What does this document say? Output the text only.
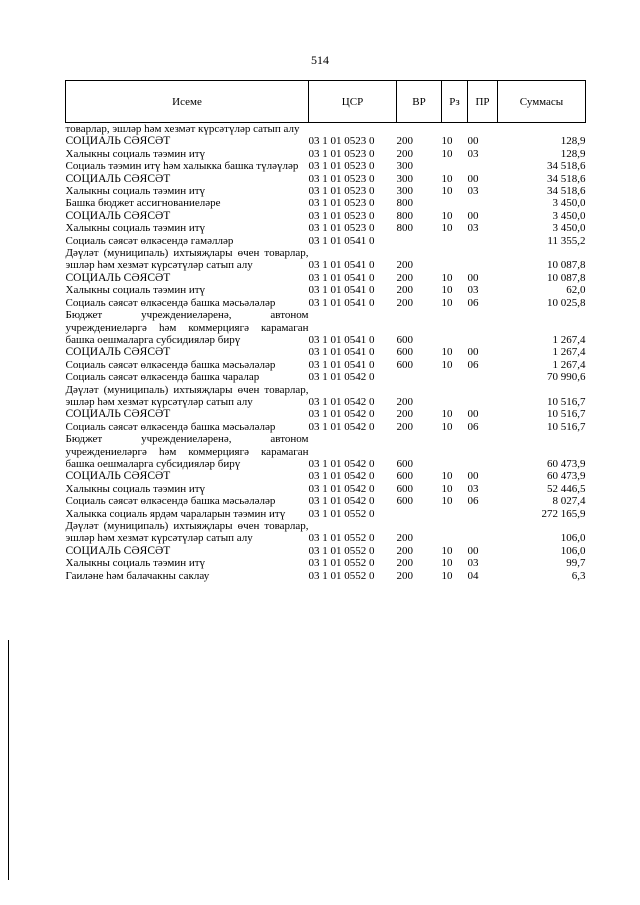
514
Исеме	ЦСР	ВР	Рз	ПР	Суммасы
товарлар, эшләр һәм хезмәт күрсәтүләр сатып алу					
СОЦИАЛЬ СӘЯСӘТ	03 1 01 0523 0	200	10	00	128,9
Халыкны социаль тәэмин итү	03 1 01 0523 0	200	10	03	128,9
Социаль тәэмин итү һәм халыкка башка түләүләр	03 1 01 0523 0	300			34 518,6
СОЦИАЛЬ СӘЯСӘТ	03 1 01 0523 0	300	10	00	34 518,6
Халыкны социаль тәэмин итү	03 1 01 0523 0	300	10	03	34 518,6
Башка бюджет ассигнованиеләре	03 1 01 0523 0	800			3 450,0
СОЦИАЛЬ СӘЯСӘТ	03 1 01 0523 0	800	10	00	3 450,0
Халыкны социаль тәэмин итү	03 1 01 0523 0	800	10	03	3 450,0
Социаль сәясәт өлкәсендә гамәлләр	03 1 01 0541 0				11 355,2
Дәүләт (муниципаль) ихтыяҗлары өчен товарлар, эшләр һәм хезмәт күрсәтүләр сатып алу	03 1 01 0541 0	200			10 087,8
СОЦИАЛЬ СӘЯСӘТ	03 1 01 0541 0	200	10	00	10 087,8
Халыкны социаль тәэмин итү	03 1 01 0541 0	200	10	03	62,0
Социаль сәясәт өлкәсендә башка мәсьәләләр	03 1 01 0541 0	200	10	06	10 025,8
Бюджет учреждениеләренә, автоном учреждениеләргә һәм коммерциягә карамаган башка оешмаларга субсидияләр бирү	03 1 01 0541 0	600			1 267,4
СОЦИАЛЬ СӘЯСӘТ	03 1 01 0541 0	600	10	00	1 267,4
Социаль сәясәт өлкәсендә башка мәсьәләләр	03 1 01 0541 0	600	10	06	1 267,4
Социаль сәясәт өлкәсендә башка чаралар	03 1 01 0542 0				70 990,6
Дәүләт (муниципаль) ихтыяҗлары өчен товарлар, эшләр һәм хезмәт күрсәтүләр сатып алу	03 1 01 0542 0	200			10 516,7
СОЦИАЛЬ СӘЯСӘТ	03 1 01 0542 0	200	10	00	10 516,7
Социаль сәясәт өлкәсендә башка мәсьәләләр	03 1 01 0542 0	200	10	06	10 516,7
Бюджет учреждениеләренә, автоном учреждениеләргә һәм коммерциягә карамаган башка оешмаларга субсидияләр бирү	03 1 01 0542 0	600			60 473,9
СОЦИАЛЬ СӘЯСӘТ	03 1 01 0542 0	600	10	00	60 473,9
Халыкны социаль тәэмин итү	03 1 01 0542 0	600	10	03	52 446,5
Социаль сәясәт өлкәсендә башка мәсьәләләр	03 1 01 0542 0	600	10	06	8 027,4
Халыкка социаль ярдәм чараларын тәэмин итү	03 1 01 0552 0				272 165,9
Дәүләт (муниципаль) ихтыяҗлары өчен товарлар, эшләр һәм хезмәт күрсәтүләр сатып алу	03 1 01 0552 0	200			106,0
СОЦИАЛЬ СӘЯСӘТ	03 1 01 0552 0	200	10	00	106,0
Халыкны социаль тәэмин итү	03 1 01 0552 0	200	10	03	99,7
Гаиләне һәм балачакны саклау	03 1 01 0552 0	200	10	04	6,3
